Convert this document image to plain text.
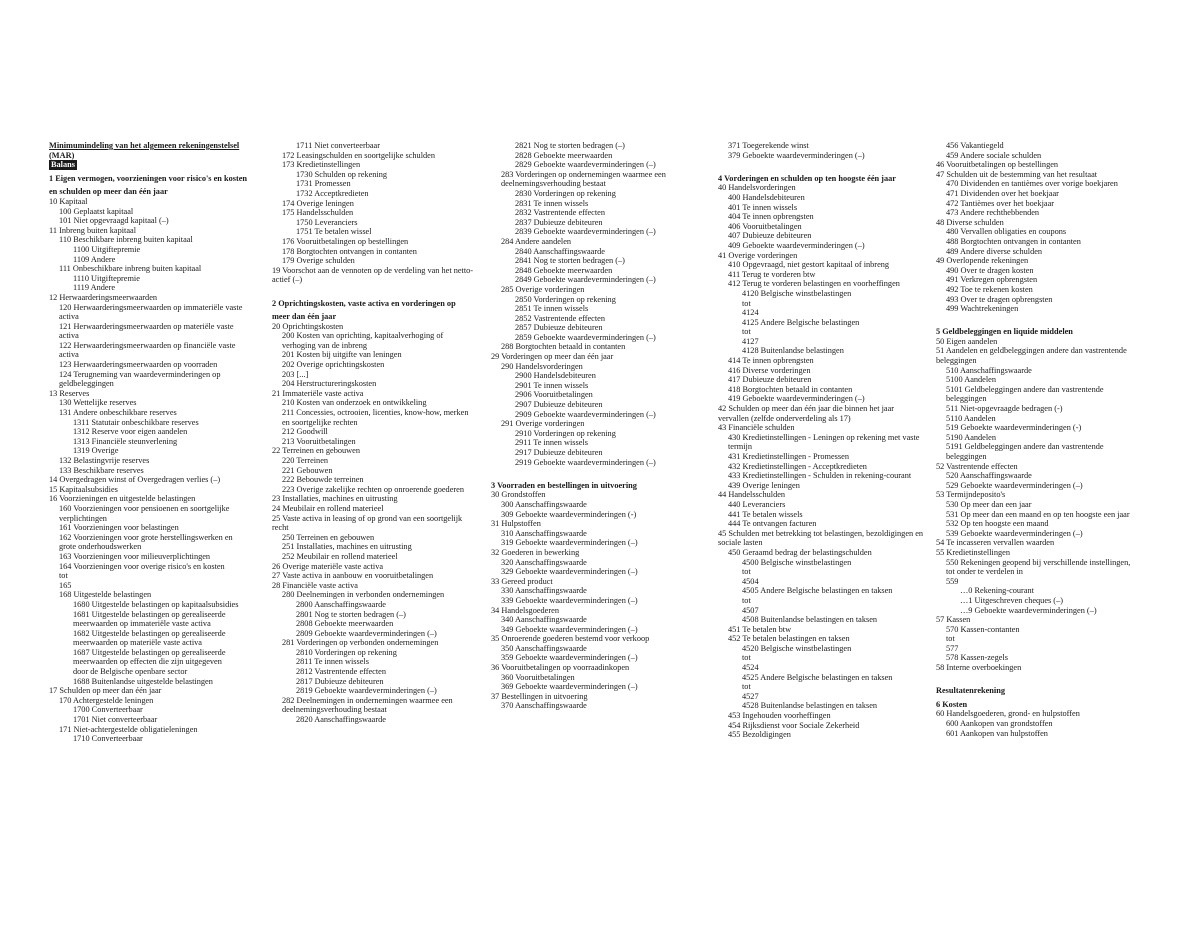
Minimumindeling van het algemeen rekeningenstelsel
(MAR)
Balans
1 Eigen vermogen, voorzieningen voor risico's en kosten
en schulden op meer dan één jaar
10 Kapitaal
100 Geplaatst kapitaal
101 Niet opgevraagd kapitaal (–)
11 Inbreng buiten kapitaal
110 Beschikbare inbreng buiten kapitaal
1100 Uitgiftepremie
1109 Andere
111 Onbeschikbare inbreng buiten kapitaal
1110 Uitgiftepremie
1119 Andere
12 Herwaarderingsmeerwaarden
120 Herwaarderingsmeerwaarden op immateriële vaste
activa
121 Herwaarderingsmeerwaarden op materiële vaste
activa
122 Herwaarderingsmeerwaarden op financiële vaste
activa
123 Herwaarderingsmeerwaarden op voorraden
124 Terugneming van waardeverminderingen op
geldbeleggingen
13 Reserves
130 Wettelijke reserves
131 Andere onbeschikbare reserves
1311 Statutair onbeschikbare reserves
1312 Reserve voor eigen aandelen
1313 Financiële steunverlening
1319 Overige
132 Belastingvrije reserves
133 Beschikbare reserves
14 Overgedragen winst of Overgedragen verlies (–)
15 Kapitaalsubsidies
16 Voorzieningen en uitgestelde belastingen
160 Voorzieningen voor pensioenen en soortgelijke
verplichtingen
161 Voorzieningen voor belastingen
162 Voorzieningen voor grote herstellingswerken en
grote onderhoudswerken
163 Voorzieningen voor milieuverplichtingen
164 Voorzieningen voor overige risico's en kosten
tot
165
168 Uitgestelde belastingen
1680 Uitgestelde belastingen op kapitaalsubsidies
1681 Uitgestelde belastingen op gerealiseerde
meerwaarden op immateriële vaste activa
1682 Uitgestelde belastingen op gerealiseerde
meerwaarden op materiële vaste activa
1687 Uitgestelde belastingen op gerealiseerde
meerwaarden op effecten die zijn uitgegeven
door de Belgische openbare sector
1688 Buitenlandse uitgestelde belastingen
17 Schulden op meer dan één jaar
170 Achtergestelde leningen
1700 Converteerbaar
1701 Niet converteerbaar
171 Niet-achtergestelde obligatieleningen
1710 Converteerbaar
1711 Niet converteerbaar
172 Leasingschulden en soortgelijke schulden
173 Kredietinstellingen
1730 Schulden op rekening
1731 Promessen
1732 Acceptkredieten
174 Overige leningen
175 Handelsschulden
1750 Leveranciers
1751 Te betalen wissel
176 Vooruitbetalingen op bestellingen
178 Borgtochten ontvangen in contanten
179 Overige schulden
19 Voorschot aan de vennoten op de verdeling van het netto-
actief (–)

2 Oprichtingskosten, vaste activa en vorderingen op
meer dan één jaar
20 Oprichtingskosten
200 Kosten van oprichting, kapitaalverhoging of
verhoging van de inbreng
201 Kosten bij uitgifte van leningen
202 Overige oprichtingskosten
203 [...]
204 Herstructureringskosten
21 Immateriële vaste activa
210 Kosten van onderzoek en ontwikkeling
211 Concessies, octrooien, licenties, know-how, merken
en soortgelijke rechten
212 Goodwill
213 Vooruitbetalingen
22 Terreinen en gebouwen
220 Terreinen
221 Gebouwen
222 Bebouwde terreinen
223 Overige zakelijke rechten op onroerende goederen
23 Installaties, machines en uitrusting
24 Meubilair en rollend materieel
25 Vaste activa in leasing of op grond van een soortgelijk
recht
250 Terreinen en gebouwen
251 Installaties, machines en uitrusting
252 Meubilair en rollend materieel
26 Overige materiële vaste activa
27 Vaste activa in aanbouw en vooruitbetalingen
28 Financiële vaste activa
280 Deelnemingen in verbonden ondernemingen
2800 Aanschaffingswaarde
2801 Nog te storten bedragen (–)
2808 Geboekte meerwaarden
2809 Geboekte waardeverminderingen (–)
281 Vorderingen op verbonden ondernemingen
2810 Vorderingen op rekening
2811 Te innen wissels
2812 Vastrentende effecten
2817 Dubieuze debiteuren
2819 Geboekte waardeverminderingen (–)
282 Deelnemingen in ondernemingen waarmee een
deelnemingsverhouding bestaat
2820 Aanschaffingswaarde
2821 Nog te storten bedragen (–)
2828 Geboekte meerwaarden
2829 Geboekte waardeverminderingen (–)
283 Vorderingen op ondernemingen waarmee een
deelnemingsverhouding bestaat
2830 Vorderingen op rekening
2831 Te innen wissels
2832 Vastrentende effecten
2837 Dubieuze debiteuren
2839 Geboekte waardeverminderingen (–)
284 Andere aandelen
2840 Aanschaffingswaarde
2841 Nog te storten bedragen (–)
2848 Geboekte meerwaarden
2849 Geboekte waardeverminderingen (–)
285 Overige vorderingen
2850 Vorderingen op rekening
2851 Te innen wissels
2852 Vastrentende effecten
2857 Dubieuze debiteuren
2859 Geboekte waardeverminderingen (–)
288 Borgtochten betaald in contanten
29 Vorderingen op meer dan één jaar
290 Handelsvorderingen
2900 Handelsdebiteuren
2901 Te innen wissels
2906 Vooruitbetalingen
2907 Dubieuze debiteuren
2909 Geboekte waardeverminderingen (–)
291 Overige vorderingen
2910 Vorderingen op rekening
2911 Te innen wissels
2917 Dubieuze debiteuren
2919 Geboekte waardeverminderingen (–)

3 Voorraden en bestellingen in uitvoering
30 Grondstoffen
300 Aanschaffingswaarde
309 Geboekte waardeverminderingen (-)
31 Hulpstoffen
310 Aanschaffingswaarde
319 Geboekte waardeverminderingen (–)
32 Goederen in bewerking
320 Aanschaffingswaarde
329 Geboekte waardeverminderingen (–)
33 Gereed product
330 Aanschaffingswaarde
339 Geboekte waardeverminderingen (–)
34 Handelsgoederen
340 Aanschaffingswaarde
349 Geboekte waardeverminderingen (–)
35 Onroerende goederen bestemd voor verkoop
350 Aanschaffingswaarde
359 Geboekte waardeverminderingen (–)
36 Vooruitbetalingen op voorraadinkopen
360 Vooruitbetalingen
369 Geboekte waardeverminderingen (–)
37 Bestellingen in uitvoering
370 Aanschaffingswaarde
371 Toegerekende winst
379 Geboekte waardeverminderingen (–)

4 Vorderingen en schulden op ten hoogste één jaar
40 Handelsvorderingen
400 Handelsdebiteuren
401 Te innen wissels
404 Te innen opbrengsten
406 Vooruitbetalingen
407 Dubieuze debiteuren
409 Geboekte waardeverminderingen (–)
41 Overige vorderingen
410 Opgevraagd, niet gestort kapitaal of inbreng
411 Terug te vorderen btw
412 Terug te vorderen belastingen en voorheffingen
4120 Belgische winstbelastingen
tot
4124
4125 Andere Belgische belastingen
tot
4127
4128 Buitenlandse belastingen
414 Te innen opbrengsten
416 Diverse vorderingen
417 Dubieuze debiteuren
418 Borgtochten betaald in contanten
419 Geboekte waardeverminderingen (–)
42 Schulden op meer dan één jaar die binnen het jaar
vervallen (zelfde onderverdeling als 17)
43 Financiële schulden
430 Kredietinstellingen - Leningen op rekening met vaste
termijn
431 Kredietinstellingen - Promessen
432 Kredietinstellingen - Acceptkredieten
433 Kredietinstellingen - Schulden in rekening-courant
439 Overige leningen
44 Handelsschulden
440 Leveranciers
441 Te betalen wissels
444 Te ontvangen facturen
45 Schulden met betrekking tot belastingen, bezoldigingen en
sociale lasten
450 Geraamd bedrag der belastingschulden
4500 Belgische winstbelastingen
tot
4504
4505 Andere Belgische belastingen en taksen
tot
4507
4508 Buitenlandse belastingen en taksen
451 Te betalen btw
452 Te betalen belastingen en taksen
4520 Belgische winstbelastingen
tot
4524
4525 Andere Belgische belastingen en taksen
tot
4527
4528 Buitenlandse belastingen en taksen
453 Ingehouden voorheffingen
454 Rijksdienst voor Sociale Zekerheid
455 Bezoldigingen
456 Vakantiegeld
459 Andere sociale schulden
46 Vooruitbetalingen op bestellingen
47 Schulden uit de bestemming van het resultaat
470 Dividenden en tantièmes over vorige boekjaren
471 Dividenden over het boekjaar
472 Tantièmes over het boekjaar
473 Andere rechthebbenden
48 Diverse schulden
480 Vervallen obligaties en coupons
488 Borgtochten ontvangen in contanten
489 Andere diverse schulden
49 Overlopende rekeningen
490 Over te dragen kosten
491 Verkregen opbrengsten
492 Toe te rekenen kosten
493 Over te dragen opbrengsten
499 Wachtrekeningen

5 Geldbeleggingen en liquide middelen
50 Eigen aandelen
51 Aandelen en geldbeleggingen andere dan vastrentende
beleggingen
510 Aanschaffingswaarde
5100 Aandelen
5101 Geldbeleggingen andere dan vastrentende
beleggingen
511 Niet-opgevraagde bedragen (-)
5110 Aandelen
519 Geboekte waardeverminderingen (-)
5190 Aandelen
5191 Geldbeleggingen andere dan vastrentende
beleggingen
52 Vastrentende effecten
520 Aanschaffingswaarde
529 Geboekte waardeverminderingen (–)
53 Termijndeposito's
530 Op meer dan een jaar
531 Op meer dan een maand en op ten hoogste een jaar
532 Op ten hoogste een maand
539 Geboekte waardeverminderingen (–)
54 Te incasseren vervallen waarden
55 Kredietinstellingen
550 Rekeningen geopend bij verschillende instellingen,
tot onder te verdelen in
559
…0 Rekening-courant
…1 Uitgeschreven cheques (–)
…9 Geboekte waardeverminderingen (–)
57 Kassen
570 Kassen-contanten
tot
577
578 Kassen-zegels
58 Interne overboekingen

Resultatenrekening
6 Kosten
60 Handelsgoederen, grond- en hulpstoffen
600 Aankopen van grondstoffen
601 Aankopen van hulpstoffen
